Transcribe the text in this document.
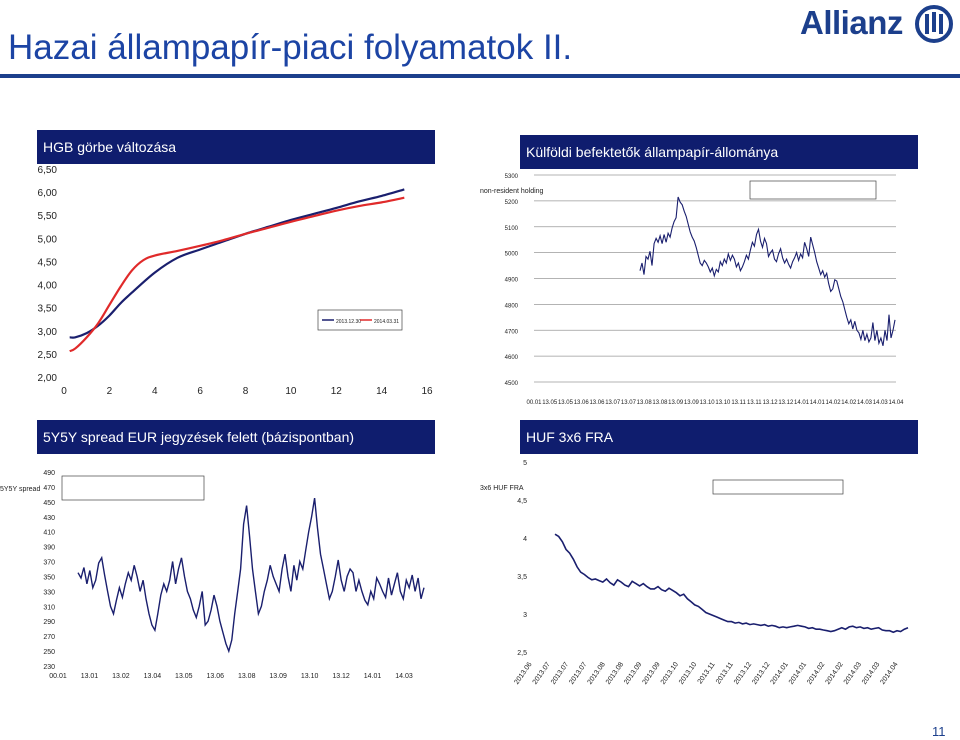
Hazai állampapír-piaci folyamatok II.
Allianz
HGB görbe változása	Külföldi befektetők állampapír-állománya
5Y5Y spread EUR jegyzések felett (bázispontban)	HUF 3x6 FRA
2,00
2,50
3,00
3,50
4,00
4,50
5,00
5,50
6,00
6,50
0	2	4	6	8	10	12	14	16
2013.12.30	2014.03.31
4500
4600
4700
4800
4900
5000
5100
5200
5300
00.01 13.05 13.05 13.06 13.06 13.07 13.07 13.08 13.08 13.09 13.09 13.10 13.10 13.11 13.11 13.12 13.12 14.01 14.01 14.02 14.02 14.03 14.03 14.04
non-resident holding
230
250
270
290
310
330
350
370
390
410
430
450
470
490
00.01 13.01 13.02 13.04 13.05 13.06 13.08 13.09 13.10 13.12 14.01 14.03
5Y5Y spread
2,5
3
3,5
4
4,5
5
2013.06
2013.07
2013.07
2013.07
2013.08
2013.08
2013.09
2013.09
2013.10
2013.10
2013.11
2013.11
2013.12
2013.12
2014.01
2014.01
2014.02
2014.02
2014.03
2014.03
2014.04
3x6 HUF FRA
11
